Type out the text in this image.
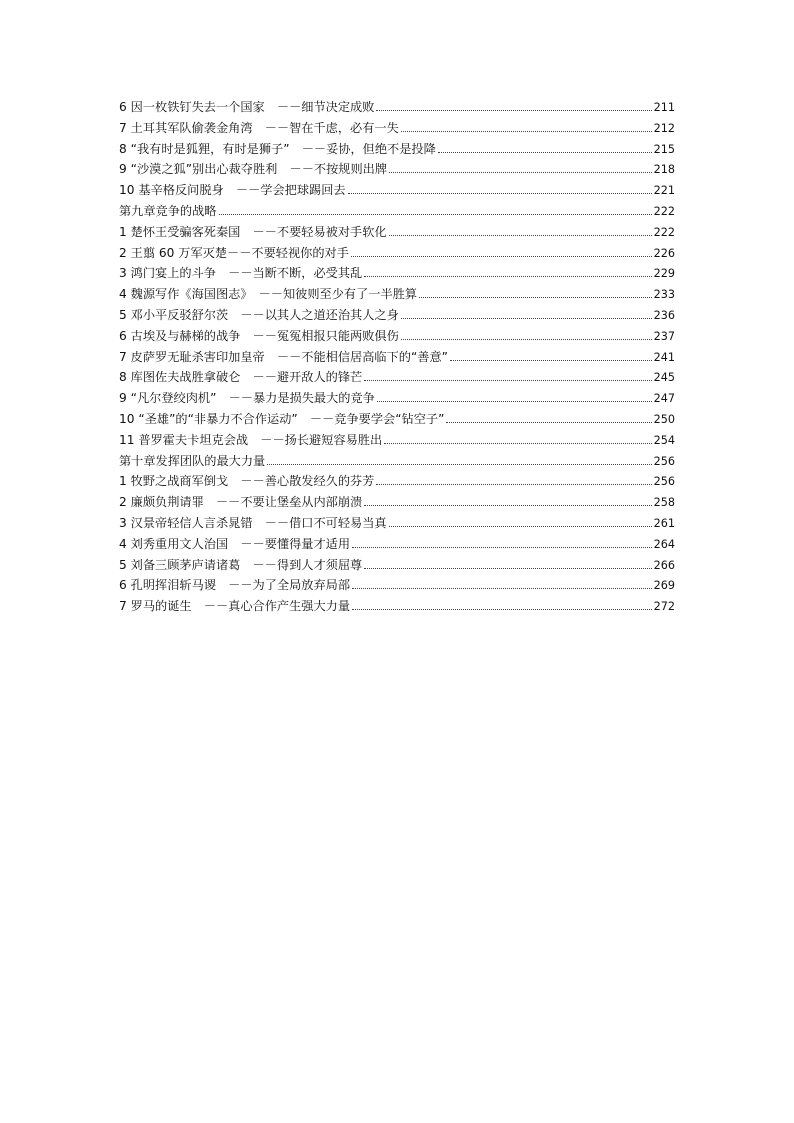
6 因一枚铁钉失去一个国家　－－细节决定成败	211
7 土耳其军队偷袭金角湾　－－智在千虑，必有一失	212
8 “我有时是狐狸，有时是狮子”　－－妥协，但绝不是投降	215
9 “沙漠之狐”别出心裁夺胜利　－－不按规则出牌	218
10 基辛格反问脱身　－－学会把球踢回去	221
第九章竞争的战略	222
1 楚怀王受骗客死秦国　－－不要轻易被对手软化	222
2 王翦 60 万军灭楚－－不要轻视你的对手	226
3 鸿门宴上的斗争　－－当断不断，必受其乱	229
4 魏源写作《海国图志》　－－知彼则至少有了一半胜算	233
5 邓小平反驳舒尔茨　－－以其人之道还治其人之身	236
6 古埃及与赫梯的战争　－－冤冤相报只能两败俱伤	237
7 皮萨罗无耻杀害印加皇帝　－－不能相信居高临下的“善意”	241
8 库图佐夫战胜拿破仑　－－避开敌人的锋芒	245
9 “凡尔登绞肉机”　－－暴力是损失最大的竞争	247
10 “圣雄”的“非暴力不合作运动”　－－竞争要学会“钻空子”	250
11 普罗霍夫卡坦克会战　－－扬长避短容易胜出	254
第十章发挥团队的最大力量	256
1 牧野之战商军倒戈　－－善心散发经久的芬芳	256
2 廉颇负荆请罪　－－不要让堡垒从内部崩溃	258
3 汉景帝轻信人言杀晁错　－－借口不可轻易当真	261
4 刘秀重用文人治国　－－要懂得量才适用	264
5 刘备三顾茅庐请诸葛　－－得到人才须屈尊	266
6 孔明挥泪斩马谡　－－为了全局放弃局部	269
7 罗马的诞生　－－真心合作产生强大力量	272
